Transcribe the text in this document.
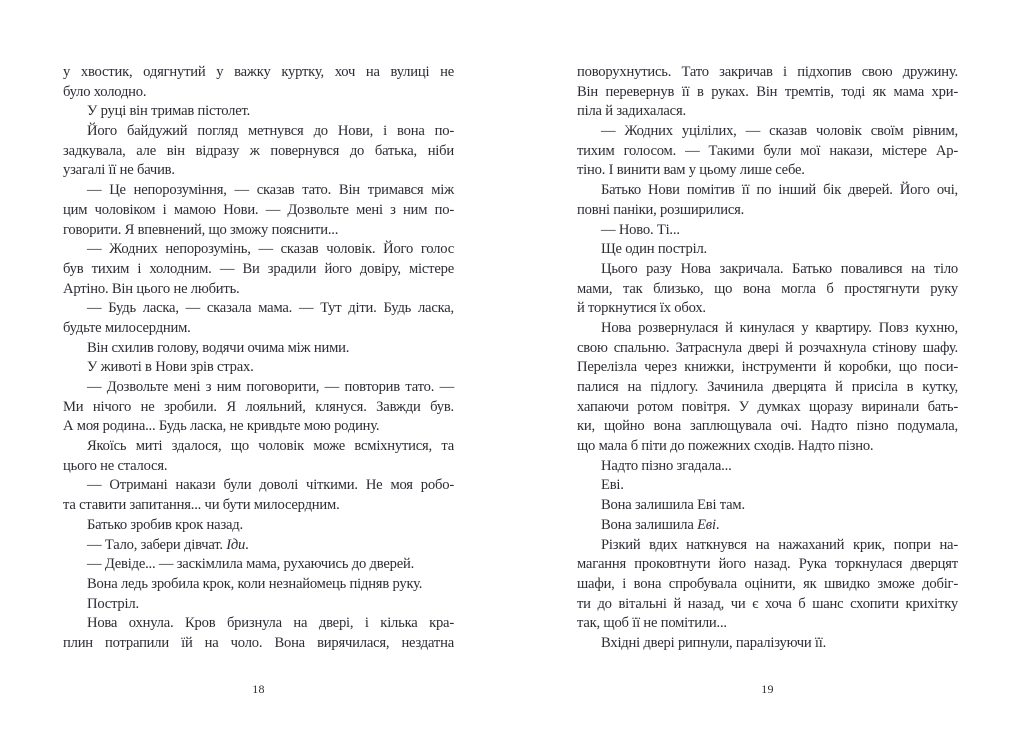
у хвостик, одягнутий у важку куртку, хоч на вулиці не
було холодно.
У руці він тримав пістолет.
Його байдужий погляд метнувся до Нови, і вона по-
задкувала, але він відразу ж повернувся до батька, ніби
узагалі її не бачив.
— Це непорозуміння, — сказав тато. Він тримався між
цим чоловіком і мамою Нови. — Дозвольте мені з ним по-
говорити. Я впевнений, що зможу пояснити...
— Жодних непорозумінь, — сказав чоловік. Його голос
був тихим і холодним. — Ви зрадили його довіру, містере
Артіно. Він цього не любить.
— Будь ласка, — сказала мама. — Тут діти. Будь ласка,
будьте милосердним.
Він схилив голову, водячи очима між ними.
У животі в Нови зрів страх.
— Дозвольте мені з ним поговорити, — повторив тато. —
Ми нічого не зробили. Я лояльний, клянуся. Завжди був.
А моя родина... Будь ласка, не кривдьте мою родину.
Якоїсь миті здалося, що чоловік може всміхнутися, та
цього не сталося.
— Отримані накази були доволі чіткими. Не моя робо-
та ставити запитання... чи бути милосердним.
Батько зробив крок назад.
— Тало, забери дівчат. Іди.
— Девіде... — заскімлила мама, рухаючись до дверей.
Вона ледь зробила крок, коли незнайомець підняв руку.
Постріл.
Нова охнула. Кров бризнула на двері, і кілька кра-
плин потрапили їй на чоло. Вона вирячилася, нездатна
поворухнутись. Тато закричав і підхопив свою дружину.
Він перевернув її в руках. Він тремтів, тоді як мама хри-
піла й задихалася.
— Жодних уцілілих, — сказав чоловік своїм рівним,
тихим голосом. — Такими були мої накази, містере Ар-
тіно. І винити вам у цьому лише себе.
Батько Нови помітив її по інший бік дверей. Його очі,
повні паніки, розширилися.
— Ново. Ті...
Ще один постріл.
Цього разу Нова закричала. Батько повалився на тіло
мами, так близько, що вона могла б простягнути руку
й торкнутися їх обох.
Нова розвернулася й кинулася у квартиру. Повз кухню,
свою спальню. Затраснула двері й розчахнула стінову шафу.
Перелізла через книжки, інструменти й коробки, що поси-
палися на підлогу. Зачинила дверцята й присіла в кутку,
хапаючи ротом повітря. У думках щоразу виринали бать-
ки, щойно вона заплющувала очі. Надто пізно подумала,
що мала б піти до пожежних сходів. Надто пізно.
Надто пізно згадала...
Еві.
Вона залишила Еві там.
Вона залишила Еві.
Різкий вдих наткнувся на нажаханий крик, попри на-
магання проковтнути його назад. Рука торкнулася дверцят
шафи, і вона спробувала оцінити, як швидко зможе добіг-
ти до вітальні й назад, чи є хоча б шанс схопити крихітку
так, щоб її не помітили...
Вхідні двері рипнули, паралізуючи її.
18	19
